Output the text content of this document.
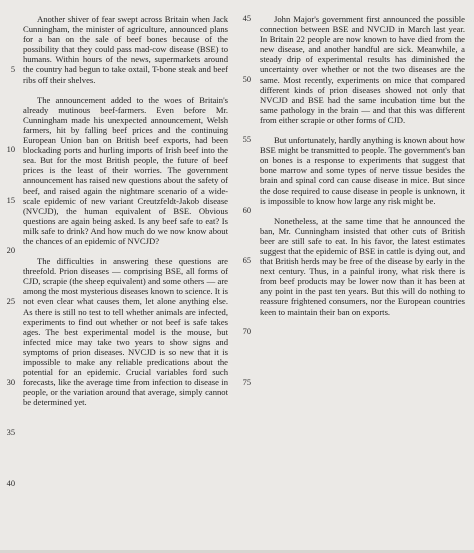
5
10
15
20
25
30
35
40

Another shiver of fear swept across Britain when Jack Cunningham, the minister of agriculture, announced plans for a ban on the sale of beef bones because of the possibility that they could pass mad-cow disease (BSE) to humans. Within hours of the news, supermarkets around the country had begun to take oxtail, T-bone steak and beef ribs off their shelves.

The announcement added to the woes of Britain's already mutinous beef-farmers. Even before Mr. Cunningham made his unexpected announcement, Welsh farmers, hit by falling beef prices and the continuing European Union ban on British beef exports, had been blockading ports and hurling imports of Irish beef into the sea. But for the most British people, the future of beef prices is the least of their worries. The government announcement has raised new questions about the safety of beef, and raised again the nightmare scenario of a wide-scale epidemic of new variant Creutzfeldt-Jakob disease (NVCJD), the human equivalent of BSE. Obvious questions are again being asked. Is any beef safe to eat? Is milk safe to drink? And how much do we now know about the chances of an epidemic of NVCJD?

The difficulties in answering these questions are threefold. Prion diseases — comprising BSE, all forms of CJD, scrapie (the sheep equivalent) and some others — are among the most mysterious diseases known to science. It is not even clear what causes them, let alone anything else. As there is still no test to tell whether animals are infected, experiments to find out whether or not beef is safe takes ages. The best experimental model is the mouse, but infected mice may take two years to show signs and symptoms of prion diseases. NVCJD is so new that it is impossible to make any reliable predications about the potential for an epidemic. Crucial variables ford such forecasts, like the average time from infection to disease in people, or the variation around that average, simply cannot be determined yet.

45
50
55
60
65
70
75

John Major's government first announced the possible connection between BSE and NVCJD in March last year. In Britain 22 people are now known to have died from the new disease, and another handful are sick. Meanwhile, a steady drip of experimental results has diminished the uncertainty over whether or not the two diseases are the same. Most recently, experiments on mice that compared different kinds of prion diseases showed not only that NVCJD and BSE had the same incubation time but the same pathology in the brain — and that this was different from either scrapie or other forms of CJD.

But unfortunately, hardly anything is known about how BSE might be transmitted to people. The government's ban on bones is a response to experiments that suggest that bone marrow and some types of nerve tissue besides the brain and spinal cord can cause disease in mice. But since the dose required to cause disease in people is unknown, it is impossible to know how large any risk might be.

Nonetheless, at the same time that he announced the ban, Mr. Cunningham insisted that other cuts of British beer are still safe to eat. In his favor, the latest estimates suggest that the epidemic of BSE in cattle is dying out, and that British herds may be free of the disease by early in the next century. Thus, in a painful irony, what risk there is from beef products may be lower now than it has been at any point in the past ten years. But this will do nothing to reassure frightened consumers, nor the European countries keen to maintain their ban on exports.
